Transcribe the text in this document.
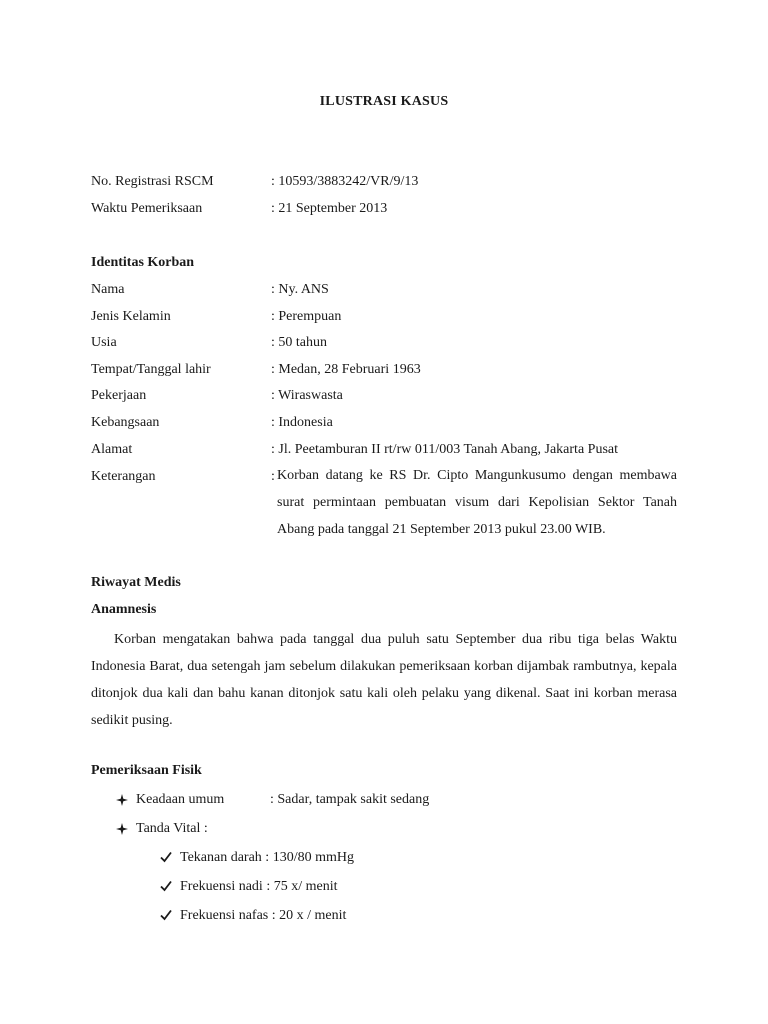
ILUSTRASI KASUS
No. Registrasi RSCM	: 10593/3883242/VR/9/13
Waktu Pemeriksaan	: 21 September 2013
Identitas Korban
Nama	: Ny. ANS
Jenis Kelamin	: Perempuan
Usia	: 50 tahun
Tempat/Tanggal lahir	: Medan, 28 Februari 1963
Pekerjaan	: Wiraswasta
Kebangsaan	: Indonesia
Alamat	: Jl. Peetamburan II rt/rw 011/003 Tanah Abang, Jakarta Pusat
Keterangan	: Korban datang ke RS Dr. Cipto Mangunkusumo dengan membawa surat permintaan pembuatan visum dari Kepolisian Sektor Tanah Abang pada tanggal 21 September 2013 pukul 23.00 WIB.
Riwayat Medis
Anamnesis
Korban mengatakan bahwa pada tanggal dua puluh satu September dua ribu tiga belas Waktu Indonesia Barat, dua setengah jam sebelum dilakukan pemeriksaan korban dijambak rambutnya, kepala ditonjok dua kali dan bahu kanan ditonjok satu kali oleh pelaku yang dikenal. Saat ini korban merasa sedikit pusing.
Pemeriksaan Fisik
Keadaan umum	: Sadar, tampak sakit sedang
Tanda Vital :
Tekanan darah : 130/80 mmHg
Frekuensi nadi : 75 x/ menit
Frekuensi nafas : 20 x / menit
